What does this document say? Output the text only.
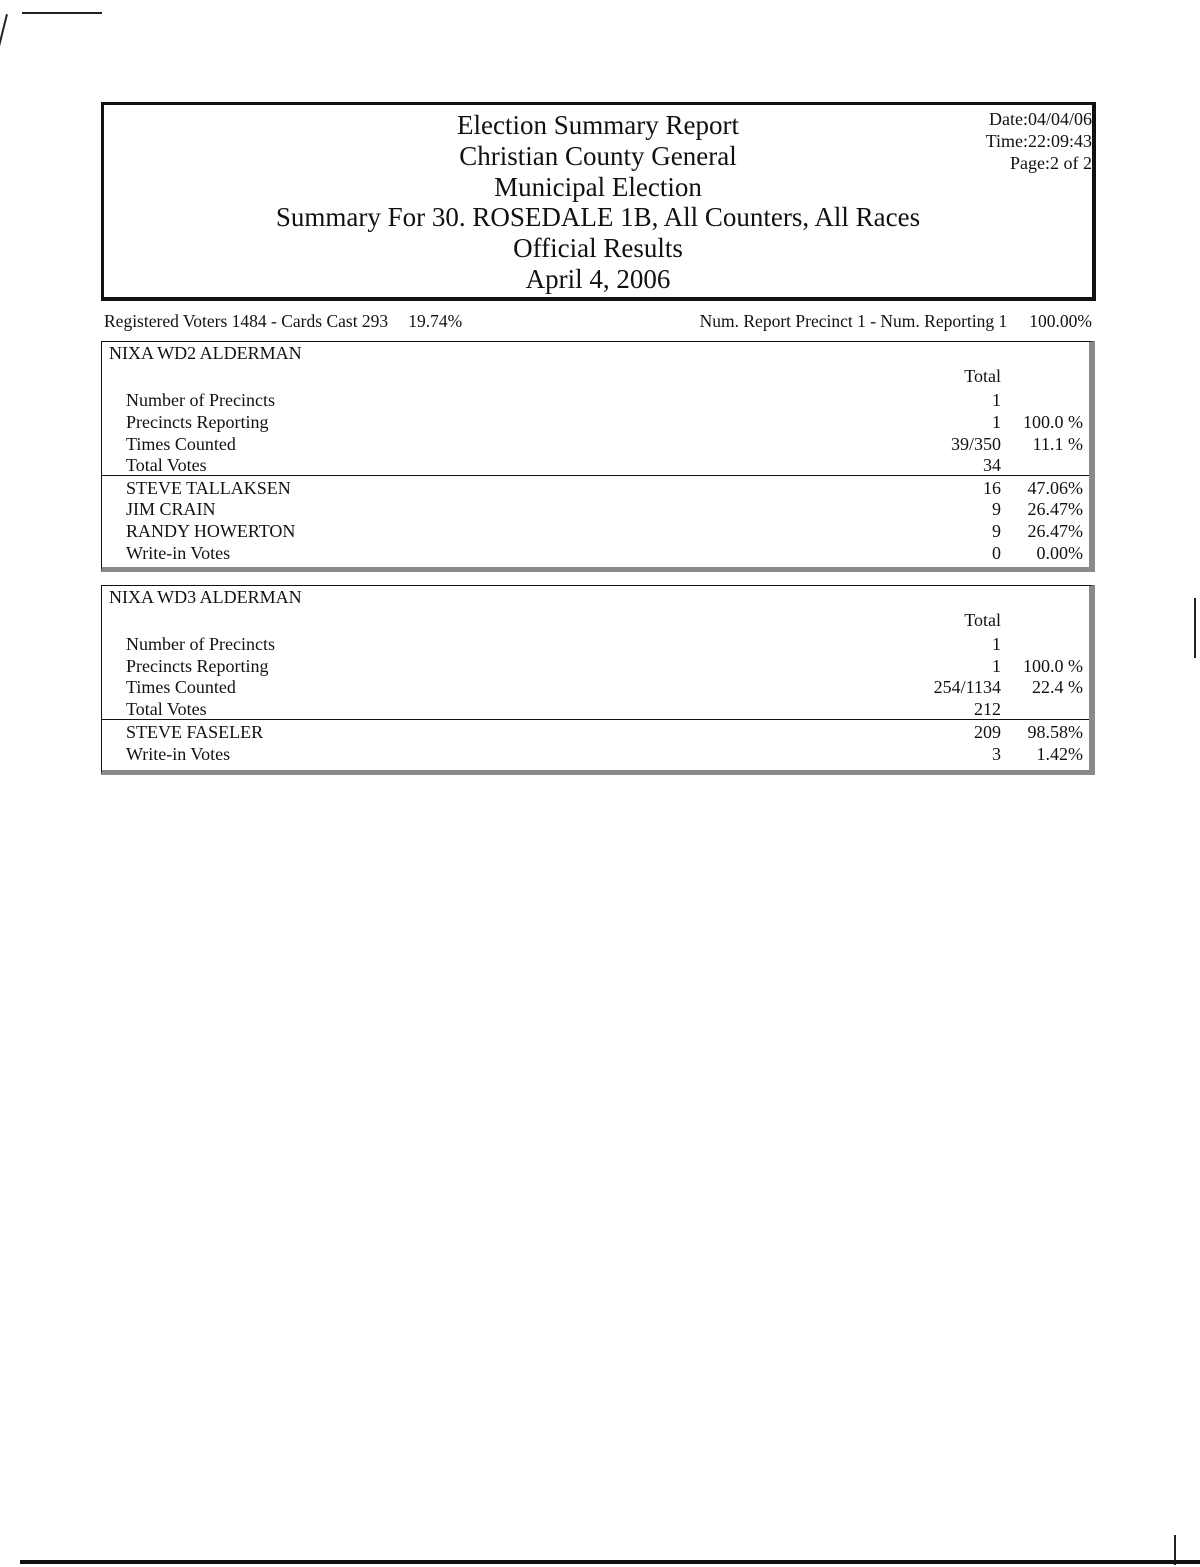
Election Summary Report
Christian County General
Municipal Election
Summary For 30. ROSEDALE 1B, All Counters, All Races
Official Results
April 4, 2006
Date:04/04/06
Time:22:09:43
Page:2 of 2
Registered Voters 1484 - Cards Cast 293 19.74%	Num. Report Precinct 1 - Num. Reporting 1 100.00%
NIXA WD2 ALDERMAN
Total
Number of Precincts	1
Precincts Reporting	1 100.0 %
Times Counted	39/350 11.1 %
Total Votes	34
STEVE TALLAKSEN	16 47.06%
JIM CRAIN	9 26.47%
RANDY HOWERTON	9 26.47%
Write-in Votes	0 0.00%
NIXA WD3 ALDERMAN
Total
Number of Precincts	1
Precincts Reporting	1 100.0 %
Times Counted	254/1134 22.4 %
Total Votes	212
STEVE FASELER	209 98.58%
Write-in Votes	3 1.42%
